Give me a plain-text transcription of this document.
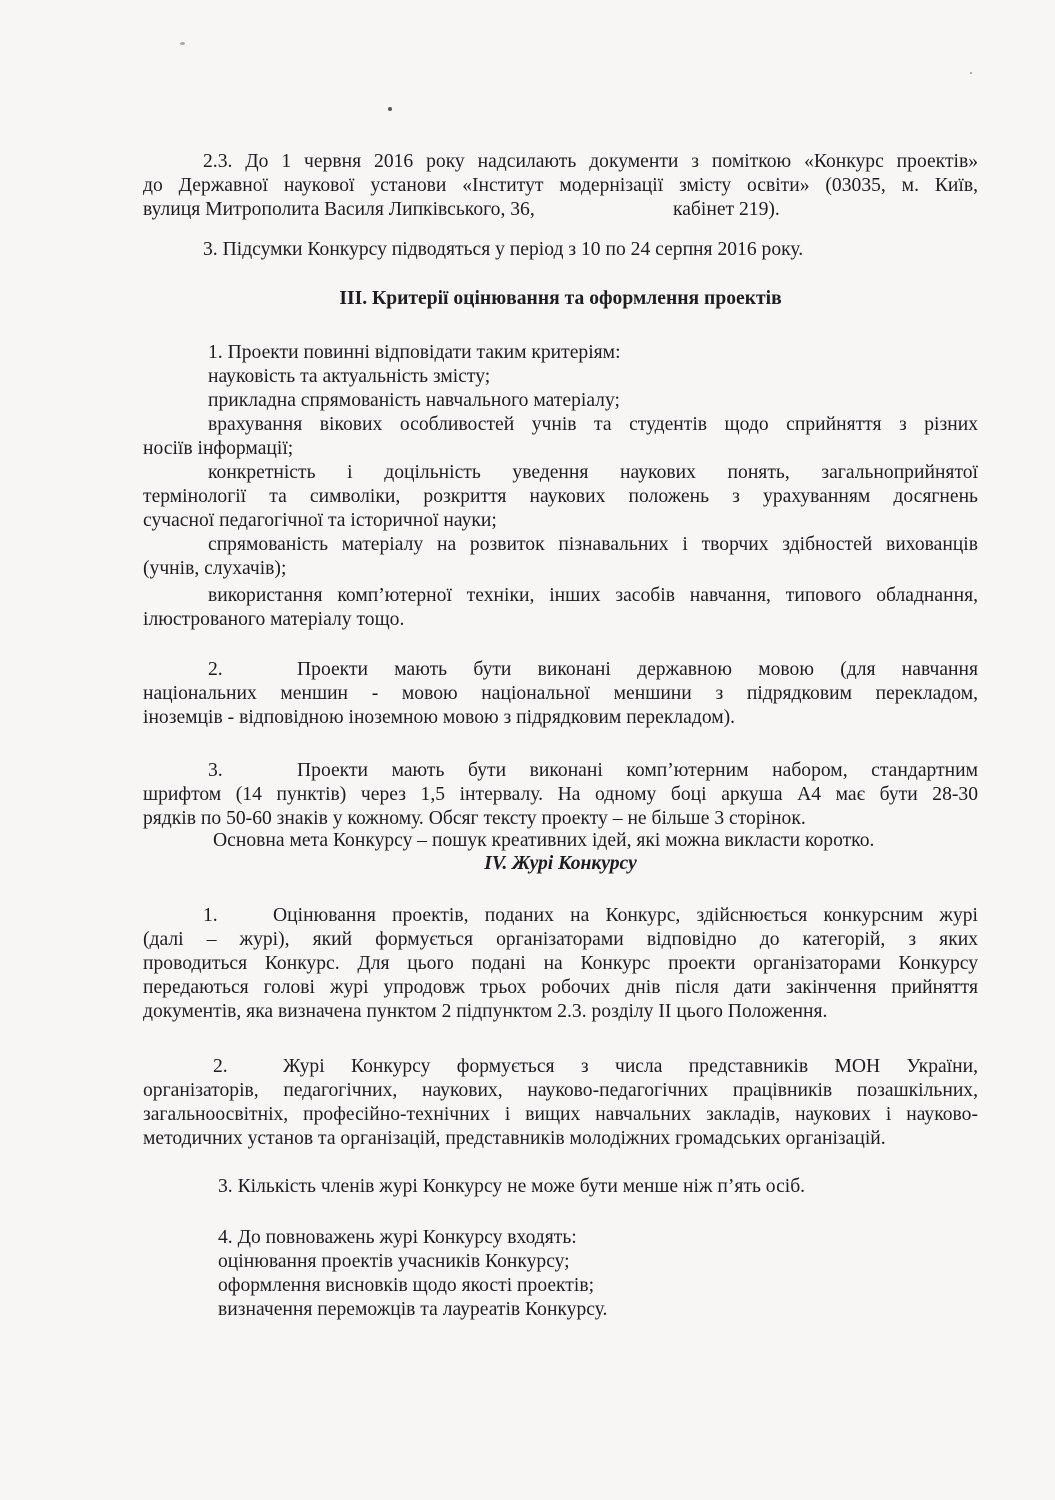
2.3. До 1 червня 2016 року надсилають документи з поміткою «Конкурс проектів»
до Державної наукової установи «Інститут модернізації змісту освіти» (03035, м. Київ,
вулиця Митрополита Василя Липківського, 36,	кабінет 219).
3. Підсумки Конкурсу підводяться у період з 10 по 24 серпня 2016 року.
III. Критерії оцінювання та оформлення проектів
1. Проекти повинні відповідати таким критеріям:
науковість та актуальність змісту;
прикладна спрямованість навчального матеріалу;
врахування вікових особливостей учнів та студентів щодо сприйняття з різних
носіїв інформації;
конкретність і доцільність уведення наукових понять, загальноприйнятої
термінології та символіки, розкриття наукових положень з урахуванням досягнень
сучасної педагогічної та історичної науки;
спрямованість матеріалу на розвиток пізнавальних і творчих здібностей вихованців
(учнів, слухачів);
використання комп’ютерної техніки, інших засобів навчання, типового обладнання,
ілюстрованого матеріалу тощо.
2.	Проекти мають бути виконані державною мовою (для навчання
національних меншин - мовою національної меншини з підрядковим перекладом,
іноземців - відповідною іноземною мовою з підрядковим перекладом).
3.	Проекти мають бути виконані комп’ютерним набором, стандартним
шрифтом (14 пунктів) через 1,5 інтервалу. На одному боці аркуша А4 має бути 28-30
рядків по 50-60 знаків у кожному. Обсяг тексту проекту – не більше 3 сторінок.
Основна мета Конкурсу – пошук креативних ідей, які можна викласти коротко.
IV. Журі Конкурсу
1.	Оцінювання проектів, поданих на Конкурс, здійснюється конкурсним журі
(далі – журі), який формується організаторами відповідно до категорій, з яких
проводиться Конкурс. Для цього подані на Конкурс проекти організаторами Конкурсу
передаються голові журі упродовж трьох робочих днів після дати закінчення прийняття
документів, яка визначена пунктом 2 підпунктом 2.3. розділу II цього Положення.
2.	Журі Конкурсу формується з числа представників МОН України,
організаторів, педагогічних, наукових, науково-педагогічних працівників позашкільних,
загальноосвітніх, професійно-технічних і вищих навчальних закладів, наукових і науково-
методичних установ та організацій, представників молодіжних громадських організацій.
3. Кількість членів журі Конкурсу не може бути менше ніж п’ять осіб.
4. До повноважень журі Конкурсу входять:
оцінювання проектів учасників Конкурсу;
оформлення висновків щодо якості проектів;
визначення переможців та лауреатів Конкурсу.
